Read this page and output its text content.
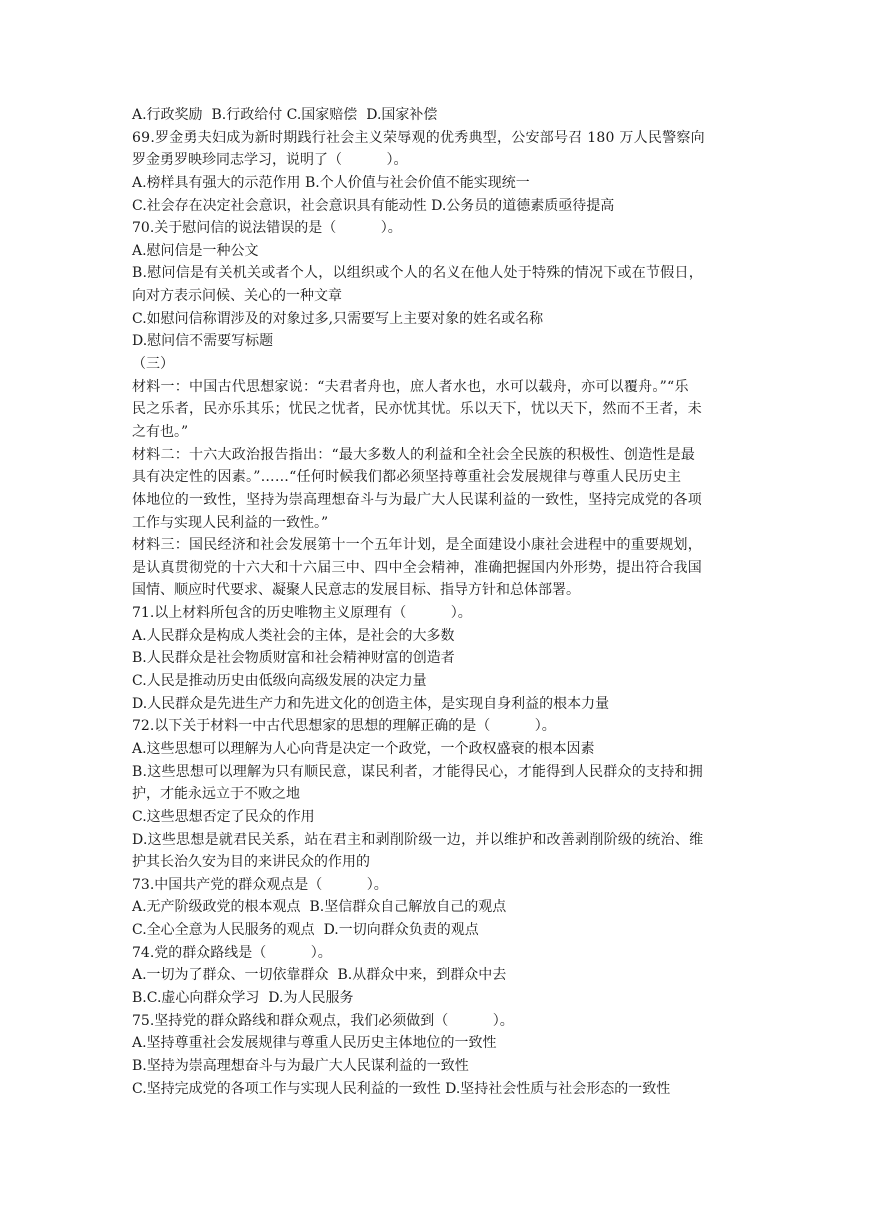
A.行政奖励  B.行政给付 C.国家赔偿  D.国家补偿
69.罗金勇夫妇成为新时期践行社会主义荣辱观的优秀典型，公安部号召 180 万人民警察向
罗金勇罗映珍同志学习，说明了（          ）。
A.榜样具有强大的示范作用 B.个人价值与社会价值不能实现统一
C.社会存在决定社会意识，社会意识具有能动性 D.公务员的道德素质亟待提高
70.关于慰问信的说法错误的是（          ）。
A.慰问信是一种公文
B.慰问信是有关机关或者个人，以组织或个人的名义在他人处于特殊的情况下或在节假日，
向对方表示问候、关心的一种文章
C.如慰问信称谓涉及的对象过多,只需要写上主要对象的姓名或名称
D.慰问信不需要写标题
（三）
材料一：中国古代思想家说：“夫君者舟也，庶人者水也，水可以载舟，亦可以覆舟。”“乐
民之乐者，民亦乐其乐；忧民之忧者，民亦忧其忧。乐以天下，忧以天下，然而不王者，未
之有也。”
材料二：十六大政治报告指出：“最大多数人的利益和全社会全民族的积极性、创造性是最
具有决定性的因素。”……“任何时候我们都必须坚持尊重社会发展规律与尊重人民历史主
体地位的一致性，坚持为崇高理想奋斗与为最广大人民谋利益的一致性，坚持完成党的各项
工作与实现人民利益的一致性。”
材料三：国民经济和社会发展第十一个五年计划，是全面建设小康社会进程中的重要规划，
是认真贯彻党的十六大和十六届三中、四中全会精神，准确把握国内外形势，提出符合我国
国情、顺应时代要求、凝聚人民意志的发展目标、指导方针和总体部署。
71.以上材料所包含的历史唯物主义原理有（          ）。
A.人民群众是构成人类社会的主体，是社会的大多数
B.人民群众是社会物质财富和社会精神财富的创造者
C.人民是推动历史由低级向高级发展的决定力量
D.人民群众是先进生产力和先进文化的创造主体，是实现自身利益的根本力量
72.以下关于材料一中古代思想家的思想的理解正确的是（          ）。
A.这些思想可以理解为人心向背是决定一个政党，一个政权盛衰的根本因素
B.这些思想可以理解为只有顺民意，谋民利者，才能得民心，才能得到人民群众的支持和拥
护，才能永远立于不败之地
C.这些思想否定了民众的作用
D.这些思想是就君民关系，站在君主和剥削阶级一边，并以维护和改善剥削阶级的统治、维
护其长治久安为目的来讲民众的作用的
73.中国共产党的群众观点是（          ）。
A.无产阶级政党的根本观点  B.坚信群众自己解放自己的观点
C.全心全意为人民服务的观点  D.一切向群众负责的观点
74.党的群众路线是（          ）。
A.一切为了群众、一切依靠群众  B.从群众中来，到群众中去
B.C.虚心向群众学习  D.为人民服务
75.坚持党的群众路线和群众观点，我们必须做到（          ）。
A.坚持尊重社会发展规律与尊重人民历史主体地位的一致性
B.坚持为崇高理想奋斗与为最广大人民谋利益的一致性
C.坚持完成党的各项工作与实现人民利益的一致性 D.坚持社会性质与社会形态的一致性
